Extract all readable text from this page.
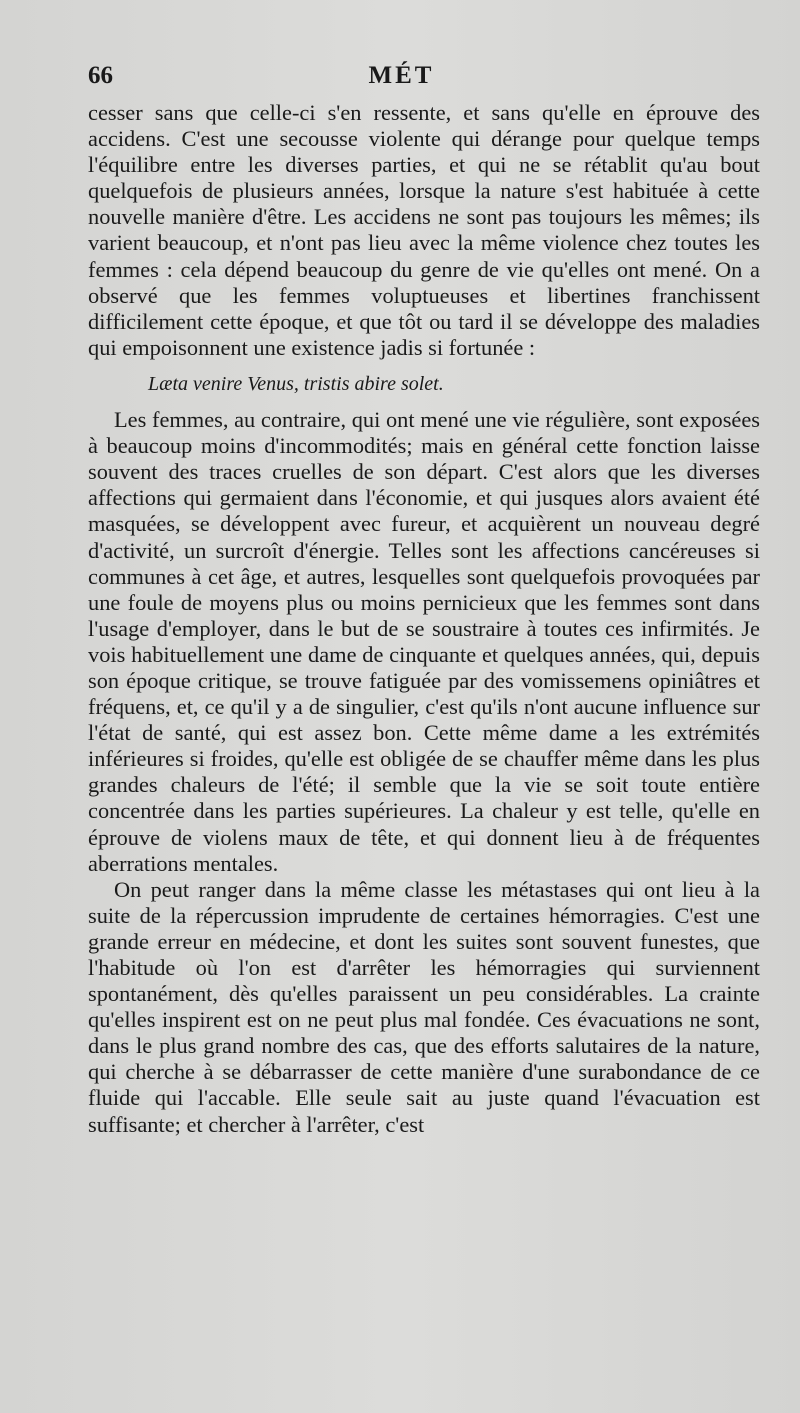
66	MÉT

cesser sans que celle-ci s'en ressente, et sans qu'elle en éprouve des accidens. C'est une secousse violente qui dérange pour quelque temps l'équilibre entre les diverses parties, et qui ne se rétablit qu'au bout quelquefois de plusieurs années, lorsque la nature s'est habituée à cette nouvelle manière d'être. Les accidens ne sont pas toujours les mêmes; ils varient beaucoup, et n'ont pas lieu avec la même violence chez toutes les femmes : cela dépend beaucoup du genre de vie qu'elles ont mené. On a observé que les femmes voluptueuses et libertines franchissent difficilement cette époque, et que tôt ou tard il se développe des maladies qui empoisonnent une existence jadis si fortunée :

Læta venire Venus, tristis abire solet.

Les femmes, au contraire, qui ont mené une vie régulière, sont exposées à beaucoup moins d'incommodités; mais en général cette fonction laisse souvent des traces cruelles de son départ. C'est alors que les diverses affections qui germaient dans l'économie, et qui jusques alors avaient été masquées, se développent avec fureur, et acquièrent un nouveau degré d'activité, un surcroît d'énergie. Telles sont les affections cancéreuses si communes à cet âge, et autres, lesquelles sont quelquefois provoquées par une foule de moyens plus ou moins pernicieux que les femmes sont dans l'usage d'employer, dans le but de se soustraire à toutes ces infirmités. Je vois habituellement une dame de cinquante et quelques années, qui, depuis son époque critique, se trouve fatiguée par des vomissemens opiniâtres et fréquens, et, ce qu'il y a de singulier, c'est qu'ils n'ont aucune influence sur l'état de santé, qui est assez bon. Cette même dame a les extrémités inférieures si froides, qu'elle est obligée de se chauffer même dans les plus grandes chaleurs de l'été; il semble que la vie se soit toute entière concentrée dans les parties supérieures. La chaleur y est telle, qu'elle en éprouve de violens maux de tête, et qui donnent lieu à de fréquentes aberrations mentales.

On peut ranger dans la même classe les métastases qui ont lieu à la suite de la répercussion imprudente de certaines hémorragies. C'est une grande erreur en médecine, et dont les suites sont souvent funestes, que l'habitude où l'on est d'arrêter les hémorragies qui surviennent spontanément, dès qu'elles paraissent un peu considérables. La crainte qu'elles inspirent est on ne peut plus mal fondée. Ces évacuations ne sont, dans le plus grand nombre des cas, que des efforts salutaires de la nature, qui cherche à se débarrasser de cette manière d'une surabondance de ce fluide qui l'accable. Elle seule sait au juste quand l'évacuation est suffisante; et chercher à l'arrêter, c'est
